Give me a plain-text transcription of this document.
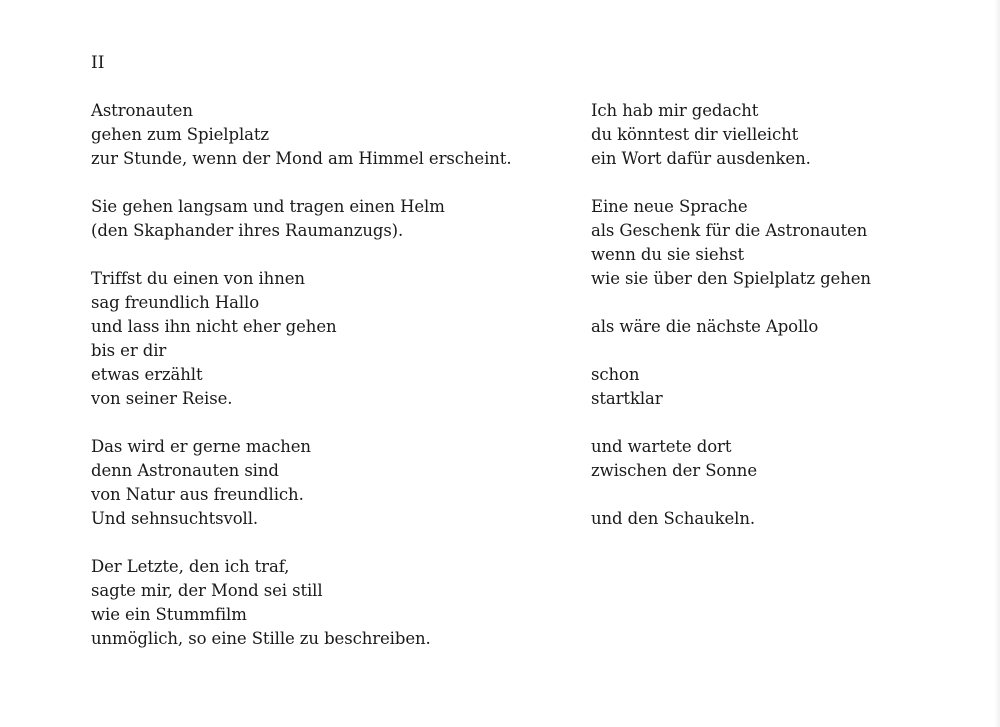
II

Astronauten
gehen zum Spielplatz
zur Stunde, wenn der Mond am Himmel erscheint.
Sie gehen langsam und tragen einen Helm
(den Skaphander ihres Raumanzugs).
Triffst du einen von ihnen
sag freundlich Hallo
und lass ihn nicht eher gehen
bis er dir
etwas erzählt
von seiner Reise.
Das wird er gerne machen
denn Astronauten sind
von Natur aus freundlich.
Und sehnsuchtsvoll.
Der Letzte, den ich traf,
sagte mir, der Mond sei still
wie ein Stummfilm
unmöglich, so eine Stille zu beschreiben.
Ich hab mir gedacht
du könntest dir vielleicht
ein Wort dafür ausdenken.
Eine neue Sprache
als Geschenk für die Astronauten
wenn du sie siehst
wie sie über den Spielplatz gehen
als wäre die nächste Apollo
schon
startklar
und wartete dort
zwischen der Sonne
und den Schaukeln.
